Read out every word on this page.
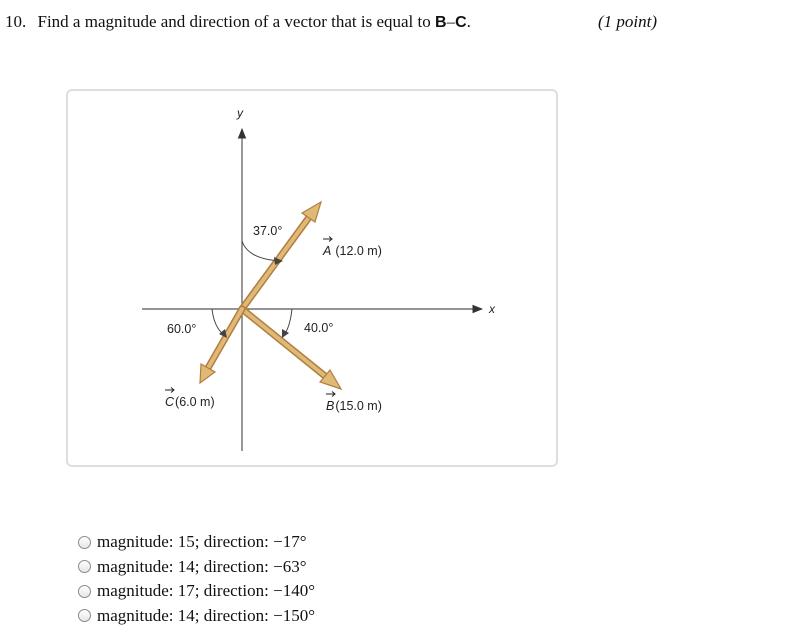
10. Find a magnitude and direction of a vector that is equal to B–C.	(1 point)
x
y
37.0°
40.0°
60.0°
A (12.0 m)
B(15.0 m)
C(6.0 m)
magnitude: 15; direction: −17°
magnitude: 14; direction: −63°
magnitude: 17; direction: −140°
magnitude: 14; direction: −150°
